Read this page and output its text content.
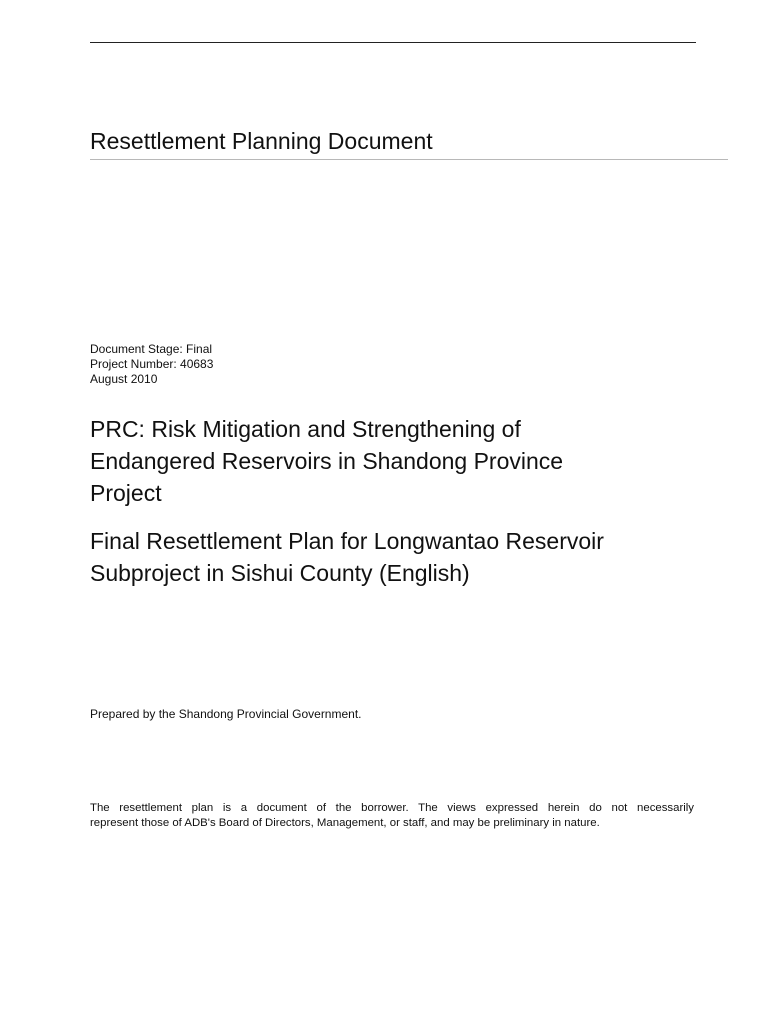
Resettlement Planning Document
Document Stage: Final
Project Number: 40683
August 2010
PRC: Risk Mitigation and Strengthening of
Endangered Reservoirs in Shandong Province
Project
Final Resettlement Plan for Longwantao Reservoir
Subproject in Sishui County (English)
Prepared by the Shandong Provincial Government.
The resettlement plan is a document of the borrower. The views expressed herein do not necessarily
represent those of ADB's Board of Directors, Management, or staff, and may be preliminary in nature.
